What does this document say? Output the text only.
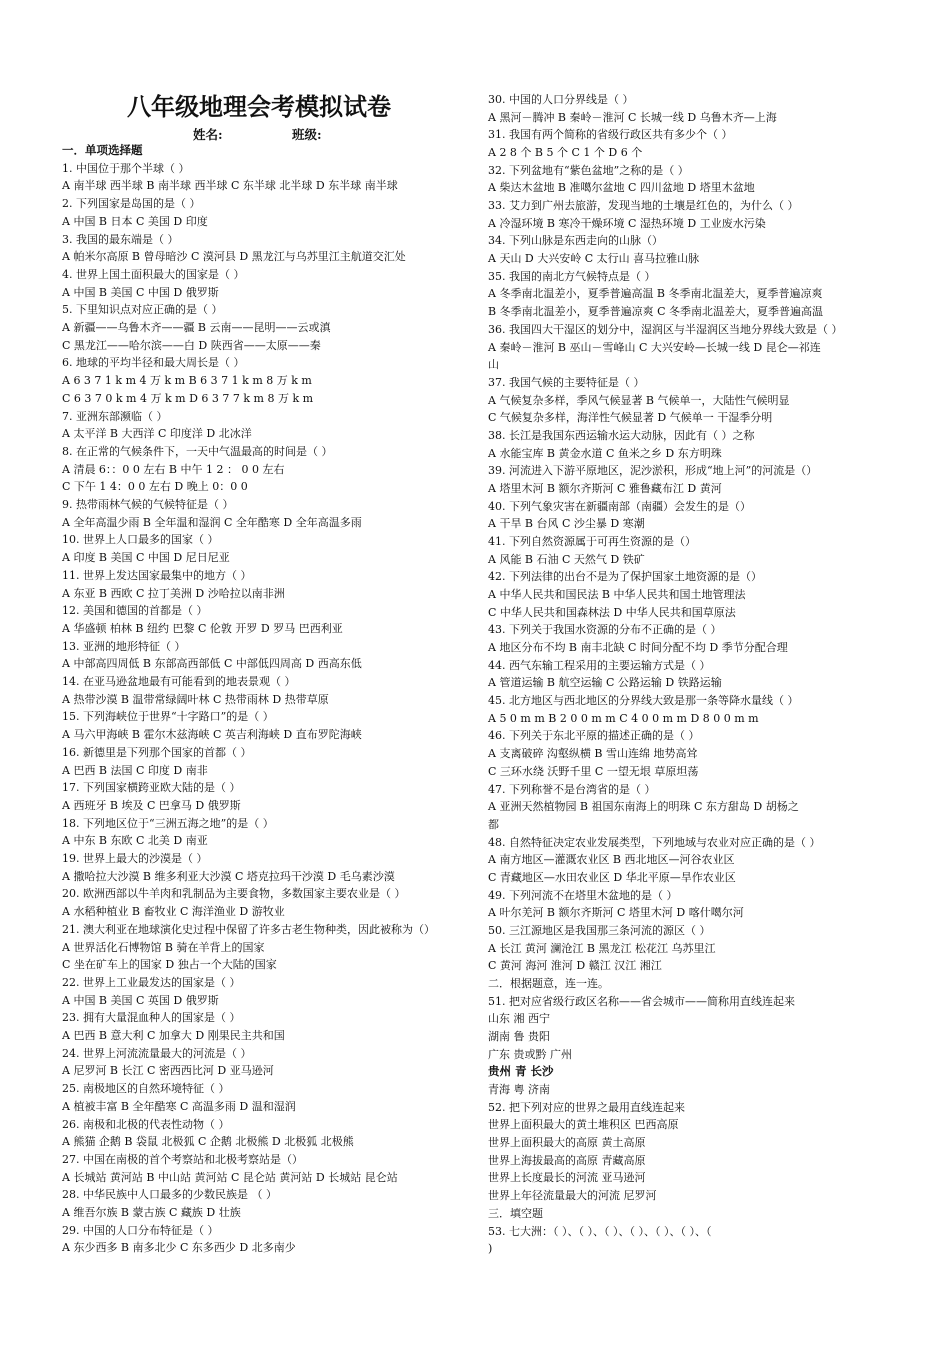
八年级地理会考模拟试卷
姓名:	班级:
一．单项选择题
1. 中国位于那个半球（ ）
A 南半球 西半球 B 南半球 西半球 C 东半球 北半球 D 东半球 南半球
2. 下列国家是岛国的是（ ）
A 中国 B 日本 C 美国 D 印度
3. 我国的最东端是（ ）
A 帕米尔高原 B 曾母暗沙 C 漠河县 D 黑龙江与乌苏里江主航道交汇处
4. 世界上国土面积最大的国家是（ ）
A 中国 B 美国 C 中国 D 俄罗斯
5. 下里知识点对应正确的是（ ）
A 新疆——乌鲁木齐——疆 B 云南——昆明——云或滇
C 黑龙江——哈尔滨——白 D 陕西省——太原——秦
6. 地球的平均半径和最大周长是（ ）
A 6 3 7 1 k m 4 万 k m B 6 3 7 1 k m 8 万 k m
C 6 3 7 0 k m 4 万 k m D 6 3 7 7 k m 8 万 k m
7. 亚洲东部濒临（ ）
A 太平洋 B 大西洋 C 印度洋 D 北冰洋
8. 在正常的气候条件下，一天中气温最高的时间是（ ）
A 清晨 6：：0 0 左右 B 中午 1 2 ： 0 0 左右
C 下午 1 4：0 0 左右 D 晚上 0：0 0
9. 热带雨林气候的气候特征是（ ）
A 全年高温少雨 B 全年温和湿润 C 全年酷寒 D 全年高温多雨
10. 世界上人口最多的国家（ ）
A 印度 B 美国 C 中国 D 尼日尼亚
11. 世界上发达国家最集中的地方（ ）
A 东亚 B 西欧 C 拉丁美洲 D 沙哈拉以南非洲
12. 美国和德国的首都是（ ）
A 华盛顿 柏林 B 纽约 巴黎 C 伦敦 开罗 D 罗马 巴西利亚
13. 亚洲的地形特征（ ）
A 中部高四周低 B 东部高西部低 C 中部低四周高 D 西高东低
14. 在亚马逊盆地最有可能看到的地表景观（ ）
A 热带沙漠 B 温带常绿阔叶林 C 热带雨林 D 热带草原
15. 下列海峡位于世界“十字路口”的是（ ）
A 马六甲海峡 B 霍尔木兹海峡 C 英吉利海峡 D 直布罗陀海峡
16. 新德里是下列那个国家的首都（ ）
A 巴西 B 法国 C 印度 D 南非
17. 下列国家横跨亚欧大陆的是（ ）
A 西班牙 B 埃及 C 巴拿马 D 俄罗斯
18. 下列地区位于“三洲五海之地”的是（ ）
A 中东 B 东欧 C 北美 D 南亚
19. 世界上最大的沙漠是（ ）
A 撒哈拉大沙漠 B 维多利亚大沙漠 C 塔克拉玛干沙漠 D 毛乌素沙漠
20. 欧洲西部以牛羊肉和乳制品为主要食物，多数国家主要农业是（ ）
A 水稻种植业 B 畜牧业 C 海洋渔业 D 游牧业
21. 澳大利亚在地球演化史过程中保留了许多古老生物种类，因此被称为（）
A 世界活化石博物馆 B 骑在羊背上的国家
C 坐在矿车上的国家 D 独占一个大陆的国家
22. 世界上工业最发达的国家是（ ）
A 中国 B 美国 C 英国 D 俄罗斯
23. 拥有大量混血种人的国家是（ ）
A 巴西 B 意大利 C 加拿大 D 刚果民主共和国
24. 世界上河流流量最大的河流是（ ）
A 尼罗河 B 长江 C 密西西比河 D 亚马逊河
25. 南极地区的自然环境特征（ ）
A 植被丰富 B 全年酷寒 C 高温多雨 D 温和湿润
26. 南极和北极的代表性动物（ ）
A 熊猫 企鹅 B 袋鼠 北极狐 C 企鹅 北极熊 D 北极狐 北极熊
27. 中国在南极的首个考察站和北极考察站是（）
A 长城站 黄河站 B 中山站 黄河站 C 昆仑站 黄河站 D 长城站 昆仑站
28. 中华民族中人口最多的少数民族是 （ ）
A 维吾尔族 B 蒙古族 C 藏族 D 壮族
29. 中国的人口分布特征是（ ）
A 东少西多 B 南多北少 C 东多西少 D 北多南少
30. 中国的人口分界线是（ ）
A 黑河－腾冲 B 秦岭－淮河 C 长城一线 D 乌鲁木齐—上海
31. 我国有两个简称的省级行政区共有多少个（ ）
A 2 8 个 B 5 个 C 1 个 D 6 个
32. 下列盆地有“紫色盆地”之称的是（ ）
A 柴达木盆地 B 准噶尔盆地 C 四川盆地 D 塔里木盆地
33. 艾力到广州去旅游，发现当地的土壤是红色的，为什么（ ）
A 冷湿环境 B 寒冷干燥环境 C 湿热环境 D 工业废水污染
34. 下列山脉是东西走向的山脉（）
A 天山 D 大兴安岭 C 太行山 喜马拉雅山脉
35. 我国的南北方气候特点是（ ）
A 冬季南北温差小，夏季普遍高温 B 冬季南北温差大，夏季普遍凉爽
B 冬季南北温差小，夏季普遍凉爽 C 冬季南北温差大，夏季普遍高温
36. 我国四大干湿区的划分中，湿润区与半湿润区当地分界线大致是（ ）
A 秦岭－淮河 B 巫山－雪峰山 C 大兴安岭—长城一线 D 昆仑—祁连
山
37. 我国气候的主要特征是（ ）
A 气候复杂多样，季风气候显著 B 气候单一，大陆性气候明显
C 气候复杂多样，海洋性气候显著 D 气候单一 干湿季分明
38. 长江是我国东西运输水运大动脉，因此有（ ）之称
A 水能宝库 B 黄金水道 C 鱼米之乡 D 东方明珠
39. 河流进入下游平原地区，泥沙淤积，形成“地上河”的河流是（）
A 塔里木河 B 额尔齐斯河 C 雅鲁藏布江 D 黄河
40. 下列气象灾害在新疆南部（南疆）会发生的是（）
A 干旱 B 台风 C 沙尘暴 D 寒潮
41. 下列自然资源属于可再生资源的是（）
A 风能 B 石油 C 天然气 D 铁矿
42. 下列法律的出台不是为了保护国家土地资源的是（）
A 中华人民共和国民法 B 中华人民共和国土地管理法
C 中华人民共和国森林法 D 中华人民共和国草原法
43. 下列关于我国水资源的分布不正确的是（ ）
A 地区分布不均 B 南丰北缺 C 时间分配不均 D 季节分配合理
44. 西气东输工程采用的主要运输方式是（ ）
A 管道运输 B 航空运输 C 公路运输 D 铁路运输
45. 北方地区与西北地区的分界线大致是那一条等降水量线（ ）
A 5 0 m m B 2 0 0 m m C 4 0 0 m m D 8 0 0 m m
46. 下列关于东北平原的描述正确的是（ ）
A 支离破碎 沟壑纵横 B 雪山连绵 地势高耸
C 三环水绕 沃野千里 C 一望无垠 草原坦荡
47. 下列称誉不是台湾省的是（ ）
A 亚洲天然植物园 B 祖国东南海上的明珠 C 东方甜岛 D 胡杨之
都
48. 自然特征决定农业发展类型，下列地域与农业对应正确的是（ ）
A 南方地区—灌溉农业区 B 西北地区—河谷农业区
C 青藏地区—水田农业区 D 华北平原—旱作农业区
49. 下列河流不在塔里木盆地的是（ ）
A 叶尔羌河 B 额尔齐斯河 C 塔里木河 D 喀什噶尔河
50. 三江源地区是我国那三条河流的源区（ ）
A 长江 黄河 澜沧江 B 黑龙江 松花江 乌苏里江
C 黄河 海河 淮河 D 赣江 汉江 湘江
二．根据题意，连一连。
51. 把对应省级行政区名称——省会城市——简称用直线连起来
山东 湘 西宁
湖南 鲁 贵阳
广东 贵或黔 广州
贵州 青 长沙
青海 粤 济南
52. 把下列对应的世界之最用直线连起来
世界上面积最大的黄土堆积区 巴西高原
世界上面积最大的高原 黄土高原
世界上海拔最高的高原 青藏高原
世界上长度最长的河流 亚马逊河
世界上年径流量最大的河流 尼罗河
三．填空题
53. 七大洲：（ ）、（ ）、（ ）、（ ）、（ ）、（ ）、（
)
